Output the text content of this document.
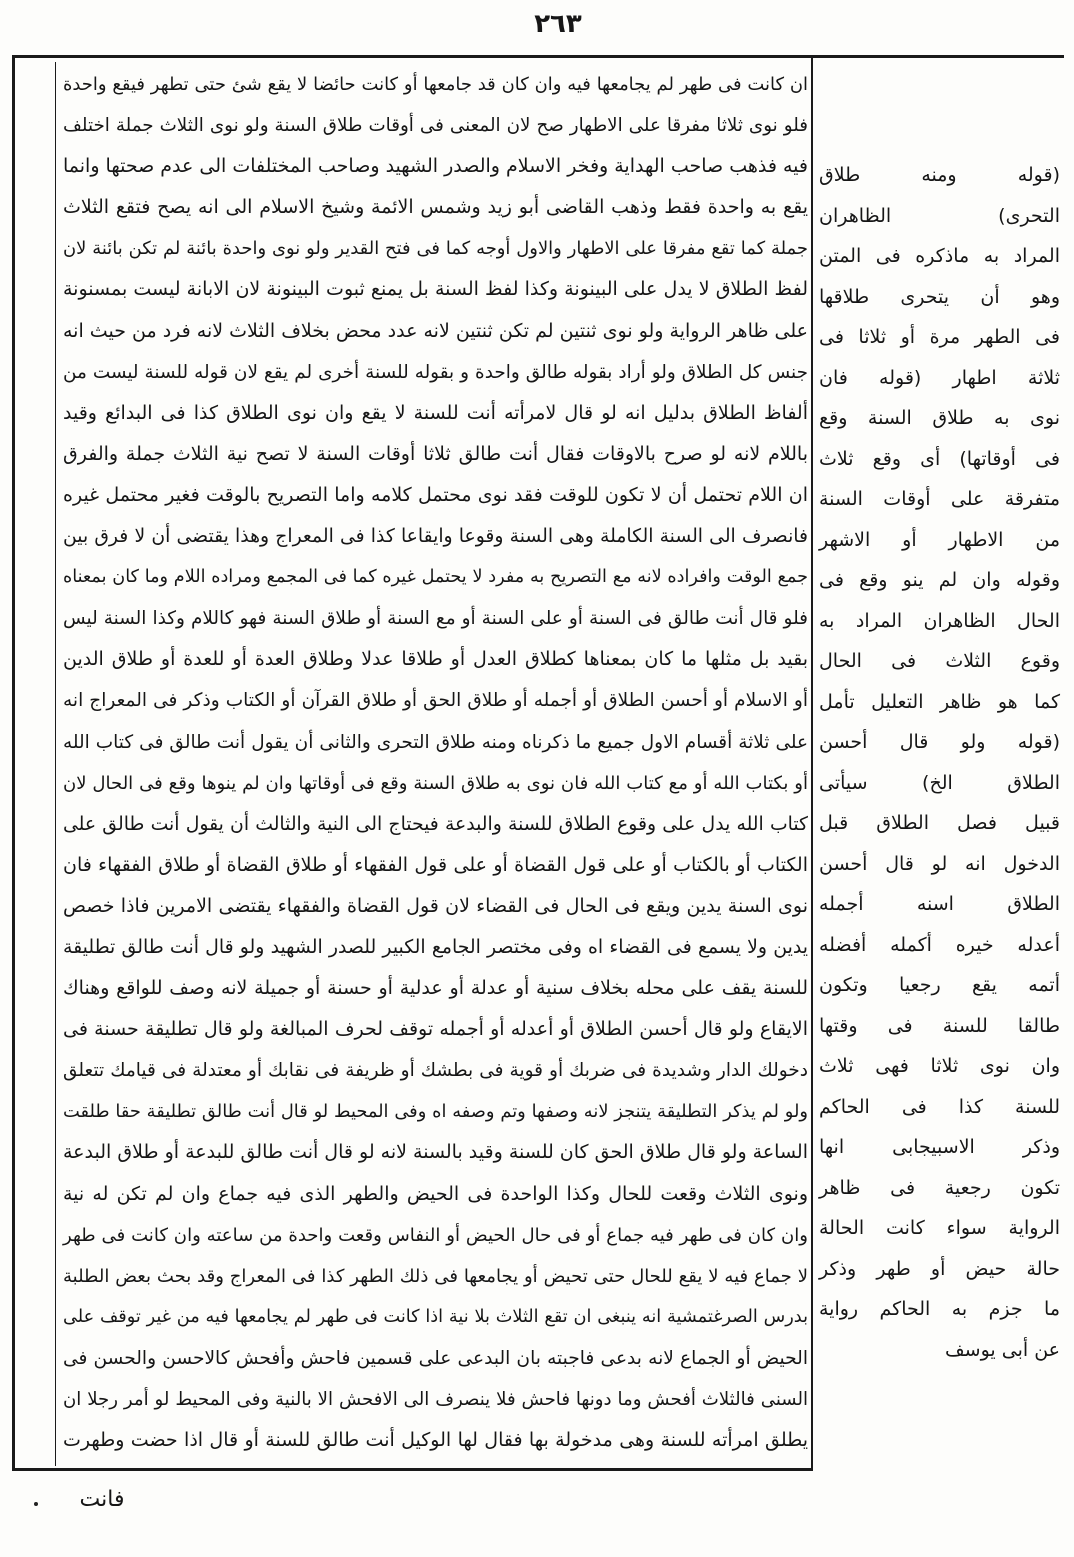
٢٦٣
ان كانت فى طهر لم يجامعها فيه وان كان قد جامعها أو كانت حائضا لا يقع شئ حتى تطهر فيقع واحدة
فلو نوى ثلاثا مفرقا على الاطهار صح لان المعنى فى أوقات طلاق السنة ولو نوى الثلاث جملة اختلف
فيه فذهب صاحب الهداية وفخر الاسلام والصدر الشهيد وصاحب المختلفات الى عدم صحتها وانما
يقع به واحدة فقط وذهب القاضى أبو زيد وشمس الائمة وشيخ الاسلام الى انه يصح فتقع الثلاث
جملة كما تقع مفرقا على الاطهار والاول أوجه كما فى فتح القدير ولو نوى واحدة بائنة لم تكن بائنة لان
لفظ الطلاق لا يدل على البينونة وكذا لفظ السنة بل يمنع ثبوت البينونة لان الابانة ليست بمسنونة
على ظاهر الرواية ولو نوى ثنتين لم تكن ثنتين لانه عدد محض بخلاف الثلاث لانه فرد من حيث انه
جنس كل الطلاق ولو أراد بقوله طالق واحدة و بقوله للسنة أخرى لم يقع لان قوله للسنة ليست من
ألفاظ الطلاق بدليل انه لو قال لامرأته أنت للسنة لا يقع وان نوى الطلاق كذا فى البدائع وقيد
باللام لانه لو صرح بالاوقات فقال أنت طالق ثلاثا أوقات السنة لا تصح نية الثلاث جملة والفرق
ان اللام تحتمل أن لا تكون للوقت فقد نوى محتمل كلامه واما التصريح بالوقت فغير محتمل غيره
فانصرف الى السنة الكاملة وهى السنة وقوعا وايقاعا كذا فى المعراج وهذا يقتضى أن لا فرق بين
جمع الوقت وافراده لانه مع التصريح به مفرد لا يحتمل غيره كما فى المجمع ومراده اللام وما كان بمعناه
فلو قال أنت طالق فى السنة أو على السنة أو مع السنة أو طلاق السنة فهو كاللام وكذا السنة ليس
بقيد بل مثلها ما كان بمعناها كطلاق العدل أو طلاقا عدلا وطلاق العدة أو للعدة أو طلاق الدين
أو الاسلام أو أحسن الطلاق أو أجمله أو طلاق الحق أو طلاق القرآن أو الكتاب وذكر فى المعراج انه
على ثلاثة أقسام الاول جميع ما ذكرناه ومنه طلاق التحرى والثانى أن يقول أنت طالق فى كتاب الله
أو بكتاب الله أو مع كتاب الله فان نوى به طلاق السنة وقع فى أوقاتها وان لم ينوها وقع فى الحال لان
كتاب الله يدل على وقوع الطلاق للسنة والبدعة فيحتاج الى النية والثالث أن يقول أنت طالق على
الكتاب أو بالكتاب أو على قول القضاة أو على قول الفقهاء أو طلاق القضاة أو طلاق الفقهاء فان
نوى السنة يدين ويقع فى الحال فى القضاء لان قول القضاة والفقهاء يقتضى الامرين فاذا خصص
يدين ولا يسمع فى القضاء اه وفى مختصر الجامع الكبير للصدر الشهيد ولو قال أنت طالق تطليقة
للسنة يقف على محله بخلاف سنية أو عدلة أو عدلية أو حسنة أو جميلة لانه وصف للواقع وهناك
الايقاع ولو قال أحسن الطلاق أو أعدله أو أجمله توقف لحرف المبالغة ولو قال تطليقة حسنة فى
دخولك الدار وشديدة فى ضربك أو قوية فى بطشك أو ظريفة فى نقابك أو معتدلة فى قيامك تتعلق
ولو لم يذكر التطليقة يتنجز لانه وصفها وتم وصفه اه وفى المحيط لو قال أنت طالق تطليقة حقا طلقت
الساعة ولو قال طلاق الحق كان للسنة وقيد بالسنة لانه لو قال أنت طالق للبدعة أو طلاق البدعة
ونوى الثلاث وقعت للحال وكذا الواحدة فى الحيض والطهر الذى فيه جماع وان لم تكن له نية
وان كان فى طهر فيه جماع أو فى حال الحيض أو النفاس وقعت واحدة من ساعته وان كانت فى طهر
لا جماع فيه لا يقع للحال حتى تحيض أو يجامعها فى ذلك الطهر كذا فى المعراج وقد بحث بعض الطلبة
بدرس الصرغتمشية انه ينبغى ان تقع الثلاث بلا نية اذا كانت فى طهر لم يجامعها فيه من غير توقف على
الحيض أو الجماع لانه بدعى فاجبته بان البدعى على قسمين فاحش وأفحش كالاحسن والحسن فى
السنى فالثلاث أفحش وما دونها فاحش فلا ينصرف الى الافحش الا بالنية وفى المحيط لو أمر رجلا ان
يطلق امرأته للسنة وهى مدخولة بها فقال لها الوكيل أنت طالق للسنة أو قال اذا حضت وطهرت
(قوله ومنه طلاق
التحرى) الظاهران
المراد به ماذكره فى المتن
وهو أن يتحرى طلاقها
فى الطهر مرة أو ثلاثا فى
ثلاثة اطهار (قوله فان
نوى به طلاق السنة وقع
فى أوقاتها) أى وقع ثلاث
متفرقة على أوقات السنة
من الاطهار أو الاشهر
وقوله وان لم ينو وقع فى
الحال الظاهران المراد به
وقوع الثلاث فى الحال
كما هو ظاهر التعليل تأمل
(قوله ولو قال أحسن
الطلاق الخ) سيأتى
قبيل فصل الطلاق قبل
الدخول انه لو قال أحسن
الطلاق اسنه أجمله
أعدله خيره أكمله أفضله
أتمه يقع رجعيا وتكون
طالقا للسنة فى وقتها
وان نوى ثلاثا فهى ثلاث
للسنة كذا فى الحاكم
وذكر الاسبيجابى انها
تكون رجعية فى ظاهر
الرواية سواء كانت الحالة
حالة حيض أو طهر وذكر
ما جزم به الحاكم رواية
عن أبى يوسف
فانت
